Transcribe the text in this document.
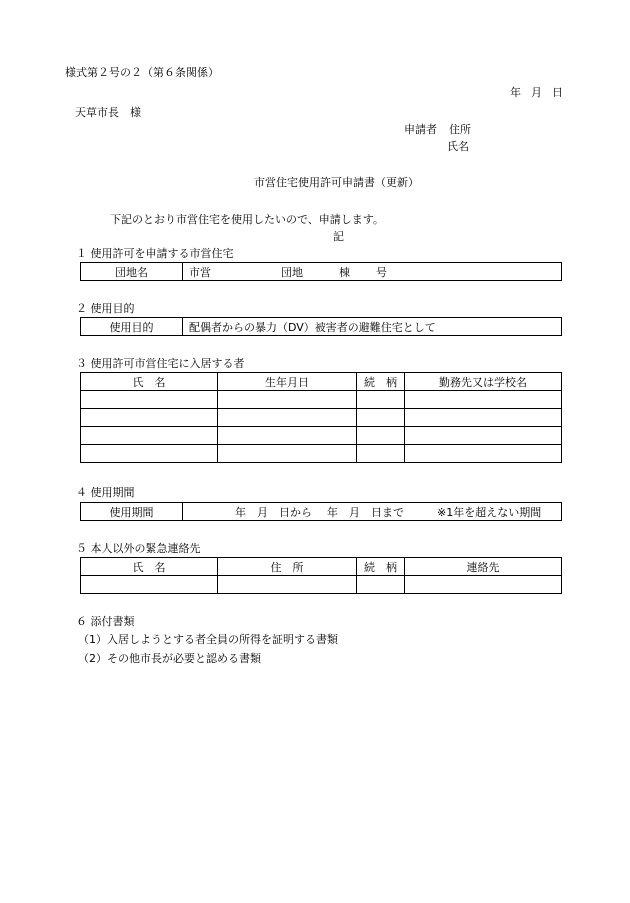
様式第２号の２（第６条関係）
年 月 日
天草市長　様
申請者 住所
氏名
市営住宅使用許可申請書（更新）
下記のとおり市営住宅を使用したいので、申請します。
記
１ 使用許可を申請する市営住宅
団地名	市営	団地	棟 号
２ 使用目的
使用目的	配偶者からの暴力（DV）被害者の避難住宅として
３ 使用許可市営住宅に入居する者
氏　名	生年月日	続　柄	勤務先又は学校名

４ 使用期間
使用期間	年　月　日から 年　月　日まで	※1年を超えない期間
５ 本人以外の緊急連絡先
氏　名	住　所	続　柄	連絡先

６ 添付書類
（1）入居しようとする者全員の所得を証明する書類
（2）その他市長が必要と認める書類
